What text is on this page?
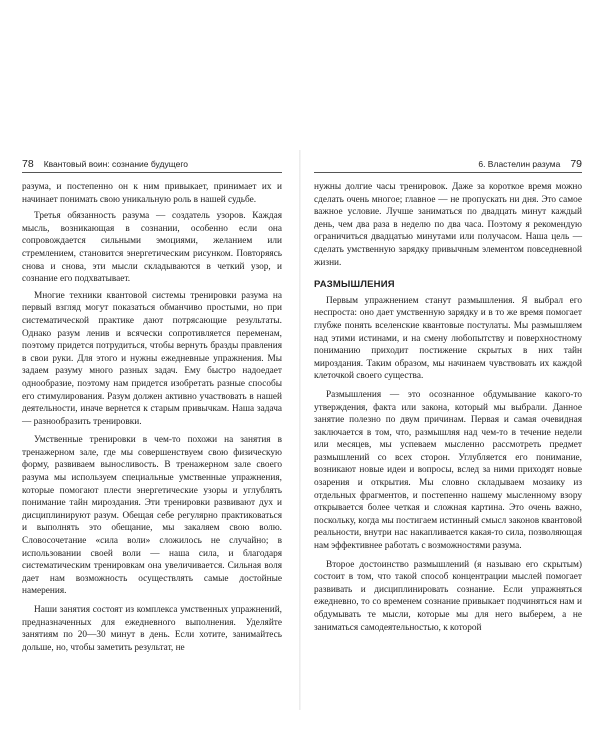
78 Квантовый воин: сознание будущего

разума, и постепенно он к ним привыкает, принимает их и начинает понимать свою уникальную роль в нашей судьбе.

Третья обязанность разума — создатель узоров. Каждая мысль, возникающая в сознании, особенно если она сопровождается сильными эмоциями, желанием или стремлением, становится энергетическим рисунком. Повторяясь снова и снова, эти мысли складываются в четкий узор, и сознание его подхватывает.

Многие техники квантовой системы тренировки разума на первый взгляд могут показаться обманчиво простыми, но при систематической практике дают потрясающие результаты. Однако разум ленив и всячески сопротивляется переменам, поэтому придется потрудиться, чтобы вернуть бразды правления в свои руки. Для этого и нужны ежедневные упражнения. Мы задаем разуму много разных задач. Ему быстро надоедает однообразие, поэтому нам придется изобретать разные способы его стимулирования. Разум должен активно участвовать в нашей деятельности, иначе вернется к старым привычкам. Наша задача — разнообразить тренировки.

Умственные тренировки в чем-то похожи на занятия в тренажерном зале, где мы совершенствуем свою физическую форму, развиваем выносливость. В тренажерном зале своего разума мы используем специальные умственные упражнения, которые помогают плести энергетические узоры и углублять понимание тайн мироздания. Эти тренировки развивают дух и дисциплинируют разум. Обещая себе регулярно практиковаться и выполнять это обещание, мы закаляем свою волю. Словосочетание «сила воли» сложилось не случайно; в использовании своей воли — наша сила, и благодаря систематическим тренировкам она увеличивается. Сильная воля дает нам возможность осуществлять самые достойные намерения.

Наши занятия состоят из комплекса умственных упражнений, предназначенных для ежедневного выполнения. Уделяйте занятиям по 20—30 минут в день. Если хотите, занимайтесь дольше, но, чтобы заметить результат, не

6. Властелин разума 79

нужны долгие часы тренировок. Даже за короткое время можно сделать очень многое; главное — не пропускать ни дня. Это самое важное условие. Лучше заниматься по двадцать минут каждый день, чем два раза в неделю по два часа. Поэтому я рекомендую ограничиться двадцатью минутами или получасом. Наша цель — сделать умственную зарядку привычным элементом повседневной жизни.

РАЗМЫШЛЕНИЯ

Первым упражнением станут размышления. Я выбрал его неспроста: оно дает умственную зарядку и в то же время помогает глубже понять вселенские квантовые постулаты. Мы размышляем над этими истинами, и на смену любопытству и поверхностному пониманию приходит постижение скрытых в них тайн мироздания. Таким образом, мы начинаем чувствовать их каждой клеточкой своего существа.

Размышления — это осознанное обдумывание какого-то утверждения, факта или закона, который мы выбрали. Данное занятие полезно по двум причинам. Первая и самая очевидная заключается в том, что, размышляя над чем-то в течение недели или месяцев, мы успеваем мысленно рассмотреть предмет размышлений со всех сторон. Углубляется его понимание, возникают новые идеи и вопросы, вслед за ними приходят новые озарения и открытия. Мы словно складываем мозаику из отдельных фрагментов, и постепенно нашему мысленному взору открывается более четкая и сложная картина. Это очень важно, поскольку, когда мы постигаем истинный смысл законов квантовой реальности, внутри нас накапливается какая-то сила, позволяющая нам эффективнее работать с возможностями разума.

Второе достоинство размышлений (я называю его скрытым) состоит в том, что такой способ концентрации мыслей помогает развивать и дисциплинировать сознание. Если упражняться ежедневно, то со временем сознание привыкает подчиняться нам и обдумывать те мысли, которые мы для него выберем, а не заниматься самодеятельностью, к которой
